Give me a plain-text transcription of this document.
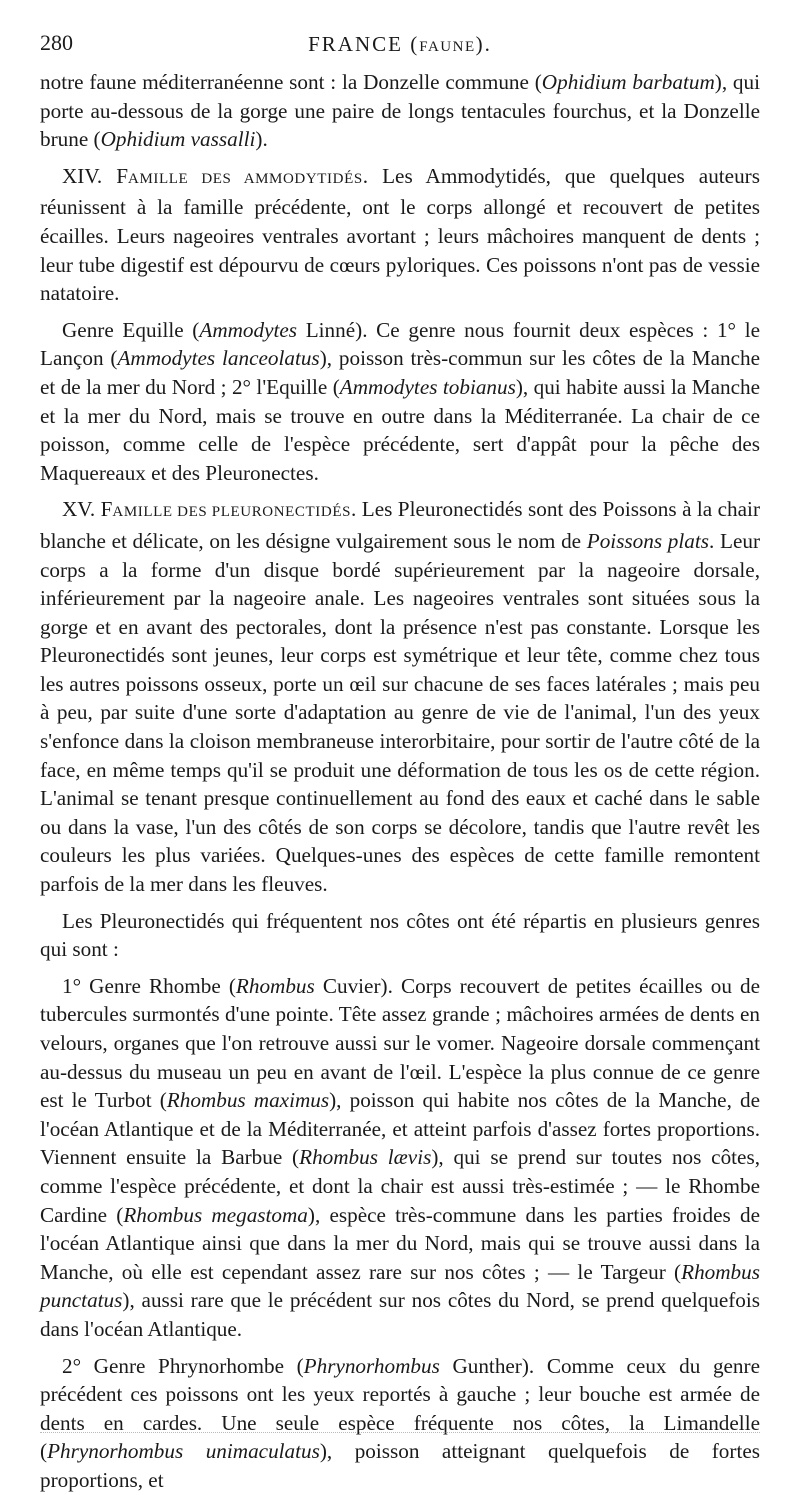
280	FRANCE (FAUNE).

notre faune méditerranéenne sont : la Donzelle commune (Ophidium barbatum), qui porte au-dessous de la gorge une paire de longs tentacules fourchus, et la Donzelle brune (Ophidium vassalli).

XIV. FAMILLE DES AMMODYTIDÉS. Les Ammodytidés, que quelques auteurs réunissent à la famille précédente, ont le corps allongé et recouvert de petites écailles. Leurs nageoires ventrales avortant ; leurs mâchoires manquent de dents ; leur tube digestif est dépourvu de cœurs pyloriques. Ces poissons n'ont pas de vessie natatoire.

Genre Equille (Ammodytes Linné). Ce genre nous fournit deux espèces : 1° le Lançon (Ammodytes lanceolatus), poisson très-commun sur les côtes de la Manche et de la mer du Nord ; 2° l'Equille (Ammodytes tobianus), qui habite aussi la Manche et la mer du Nord, mais se trouve en outre dans la Méditerranée. La chair de ce poisson, comme celle de l'espèce précédente, sert d'appât pour la pêche des Maquereaux et des Pleuronectes.

XV. FAMILLE DES PLEURONECTIDÉS. Les Pleuronectidés sont des Poissons à la chair blanche et délicate, on les désigne vulgairement sous le nom de Poissons plats. Leur corps a la forme d'un disque bordé supérieurement par la nageoire dorsale, inférieurement par la nageoire anale. Les nageoires ventrales sont situées sous la gorge et en avant des pectorales, dont la présence n'est pas constante. Lorsque les Pleuronectidés sont jeunes, leur corps est symétrique et leur tête, comme chez tous les autres poissons osseux, porte un œil sur chacune de ses faces latérales ; mais peu à peu, par suite d'une sorte d'adaptation au genre de vie de l'animal, l'un des yeux s'enfonce dans la cloison membraneuse interorbitaire, pour sortir de l'autre côté de la face, en même temps qu'il se produit une déformation de tous les os de cette région. L'animal se tenant presque continuellement au fond des eaux et caché dans le sable ou dans la vase, l'un des côtés de son corps se décolore, tandis que l'autre revêt les couleurs les plus variées. Quelques-unes des espèces de cette famille remontent parfois de la mer dans les fleuves.

Les Pleuronectidés qui fréquentent nos côtes ont été répartis en plusieurs genres qui sont :

1° Genre Rhombe (Rhombus Cuvier). Corps recouvert de petites écailles ou de tubercules surmontés d'une pointe. Tête assez grande ; mâchoires armées de dents en velours, organes que l'on retrouve aussi sur le vomer. Nageoire dorsale commençant au-dessus du museau un peu en avant de l'œil. L'espèce la plus connue de ce genre est le Turbot (Rhombus maximus), poisson qui habite nos côtes de la Manche, de l'océan Atlantique et de la Méditerranée, et atteint parfois d'assez fortes proportions. Viennent ensuite la Barbue (Rhombus lævis), qui se prend sur toutes nos côtes, comme l'espèce précédente, et dont la chair est aussi très-estimée ; — le Rhombe Cardine (Rhombus megastoma), espèce très-commune dans les parties froides de l'océan Atlantique ainsi que dans la mer du Nord, mais qui se trouve aussi dans la Manche, où elle est cependant assez rare sur nos côtes ; — le Targeur (Rhombus punctatus), aussi rare que le précédent sur nos côtes du Nord, se prend quelquefois dans l'océan Atlantique.

2° Genre Phrynorhombe (Phrynorhombus Gunther). Comme ceux du genre précédent ces poissons ont les yeux reportés à gauche ; leur bouche est armée de dents en cardes. Une seule espèce fréquente nos côtes, la Limandelle (Phrynorhombus unimaculatus), poisson atteignant quelquefois de fortes proportions, et
